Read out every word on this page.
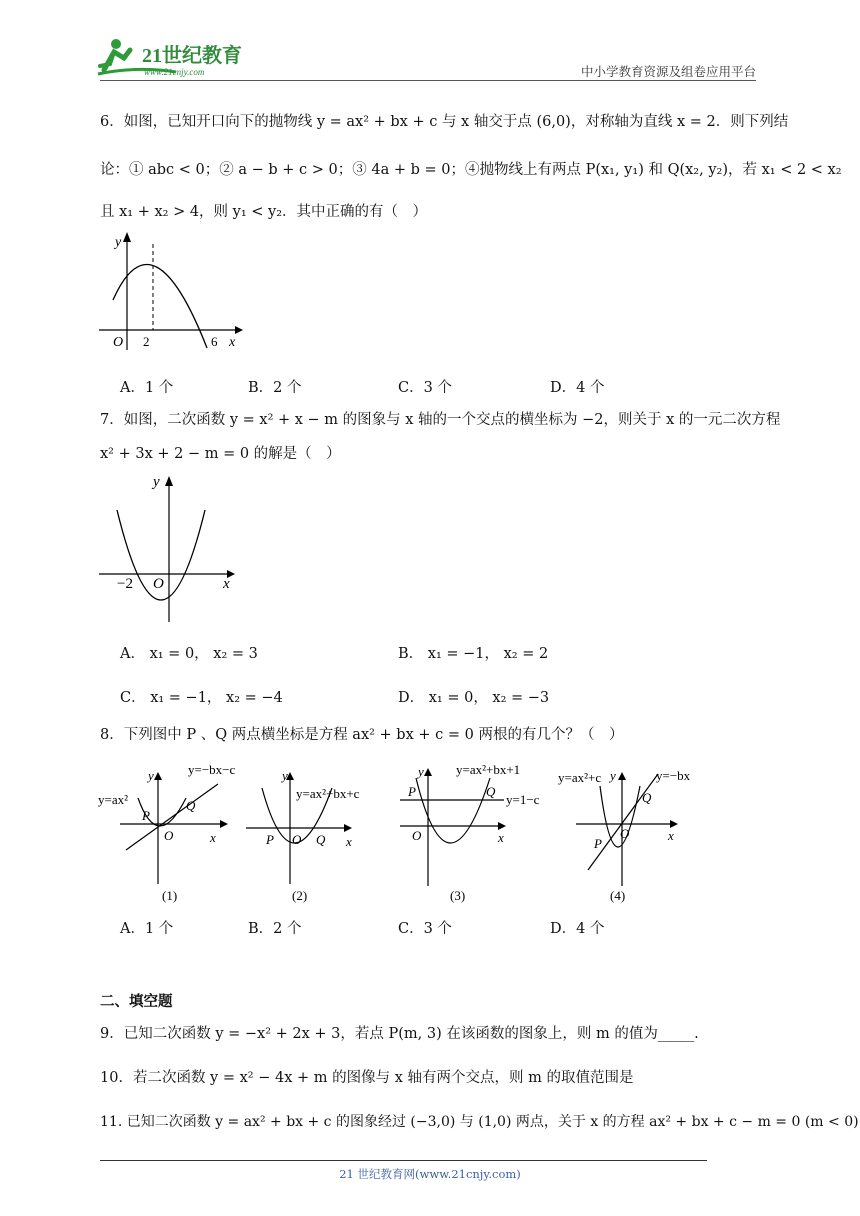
21世纪教育
www.21cnjy.com	中小学教育资源及组卷应用平台
6．如图，已知开口向下的抛物线 y = ax² + bx + c 与 x 轴交于点 (6,0)，对称轴为直线 x = 2．则下列结
论：① abc < 0；② a − b + c > 0；③ 4a + b = 0；④抛物线上有两点 P(x₁, y₁) 和 Q(x₂, y₂)，若 x₁ < 2 < x₂
且 x₁ + x₂ > 4，则 y₁ < y₂．其中正确的有（　）
y
x
O 2	6
A．1 个	B．2 个	C．3 个	D．4 个
7．如图，二次函数 y = x² + x − m 的图象与 x 轴的一个交点的横坐标为 −2，则关于 x 的一元二次方程
x² + 3x + 2 − m = 0 的解是（　）
y
x
O
−2
A． x₁ = 0， x₂ = 3	B． x₁ = −1， x₂ = 2
C． x₁ = −1， x₂ = −4	D． x₁ = 0， x₂ = −3
8．下列图中 P 、Q 两点横坐标是方程 ax² + bx + c = 0 两根的有几个？（　）
y=−bx−c
y=ax²
y
P
Q
O	x
(1)
y
y=ax²+bx+c
P O Q x
(2)
y y=ax²+bx+1
P	Q
y=1−c
O	x
(3)
y=ax²+c y	y=−bx
Q
P
O	x
(4)
A．1 个	B．2 个	C．3 个	D．4 个
二、填空题
9．已知二次函数 y = −x² + 2x + 3，若点 P(m, 3) 在该函数的图象上，则 m 的值为_____.
10．若二次函数 y = x² − 4x + m 的图像与 x 轴有两个交点，则 m 的取值范围是
11. 已知二次函数 y = ax² + bx + c 的图象经过 (−3,0) 与 (1,0) 两点，关于 x 的方程 ax² + bx + c − m = 0 (m < 0)
21 世纪教育网(www.21cnjy.com)
